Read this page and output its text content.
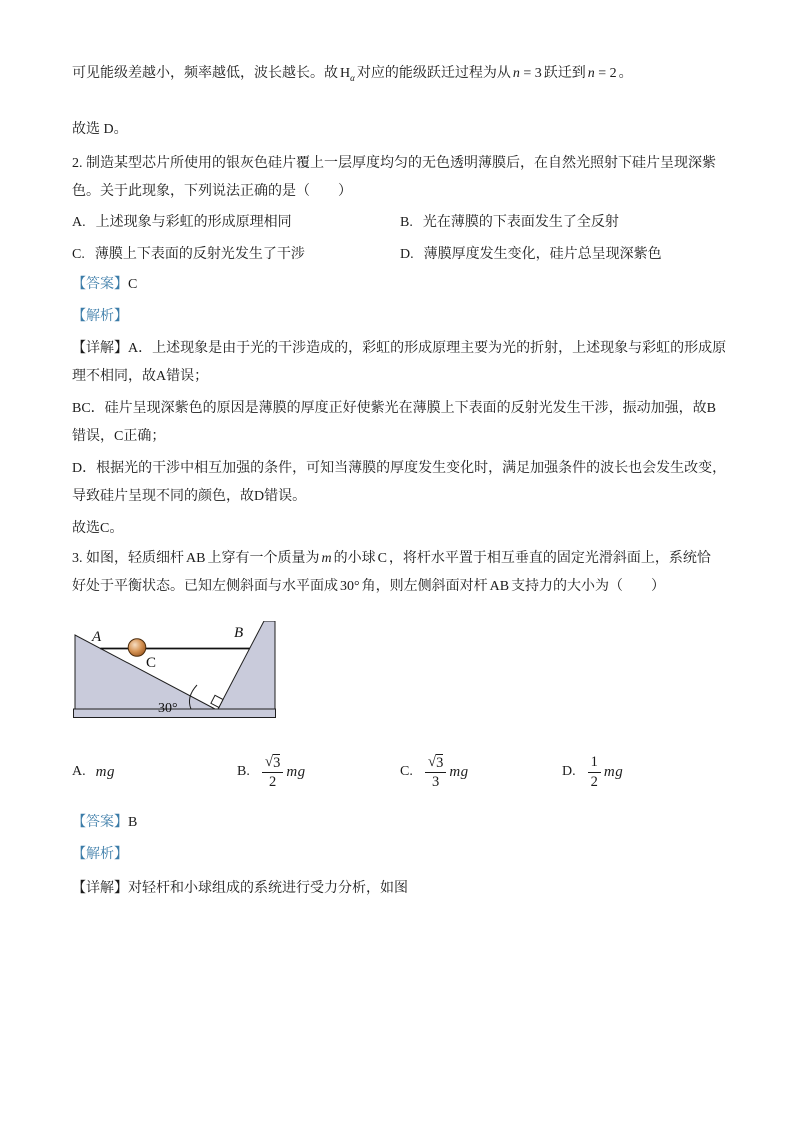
可见能级差越小，频率越低，波长越长。故 $H_\alpha$ 对应的能级跃迁过程为从 n = 3 跃迁到 n = 2 。
故选 D。
2. 制造某型芯片所使用的银灰色硅片覆上一层厚度均匀的无色透明薄膜后，在自然光照射下硅片呈现深紫
色。关于此现象，下列说法正确的是（　　）
A. 上述现象与彩虹的形成原理相同	B. 光在薄膜的下表面发生了全反射
C. 薄膜上下表面的反射光发生了干涉	D. 薄膜厚度发生变化，硅片总呈现深紫色
【答案】C
【解析】
【详解】A．上述现象是由于光的干涉造成的，彩虹的形成原理主要为光的折射，上述现象与彩虹的形成原
理不相同，故A错误；
BC．硅片呈现深紫色的原因是薄膜的厚度正好使紫光在薄膜上下表面的反射光发生干涉，振动加强，故B
错误，C正确；
D．根据光的干涉中相互加强的条件，可知当薄膜的厚度发生变化时，满足加强条件的波长也会发生改变，
导致硅片呈现不同的颜色，故D错误。
故选C。
3. 如图，轻质细杆 AB 上穿有一个质量为 m 的小球 C ，将杆水平置于相互垂直的固定光滑斜面上，系统恰
好处于平衡状态。已知左侧斜面与水平面成 30° 角，则左侧斜面对杆 AB 支持力的大小为（　　）
A	B
C
30°
A. mg	B. $\frac{√ 3}{2}$ mg	C. $\frac{√ 3}{3}$ mg	D. $\frac{1}{2}$ mg
【答案】B
【解析】
【详解】对轻杆和小球组成的系统进行受力分析，如图
